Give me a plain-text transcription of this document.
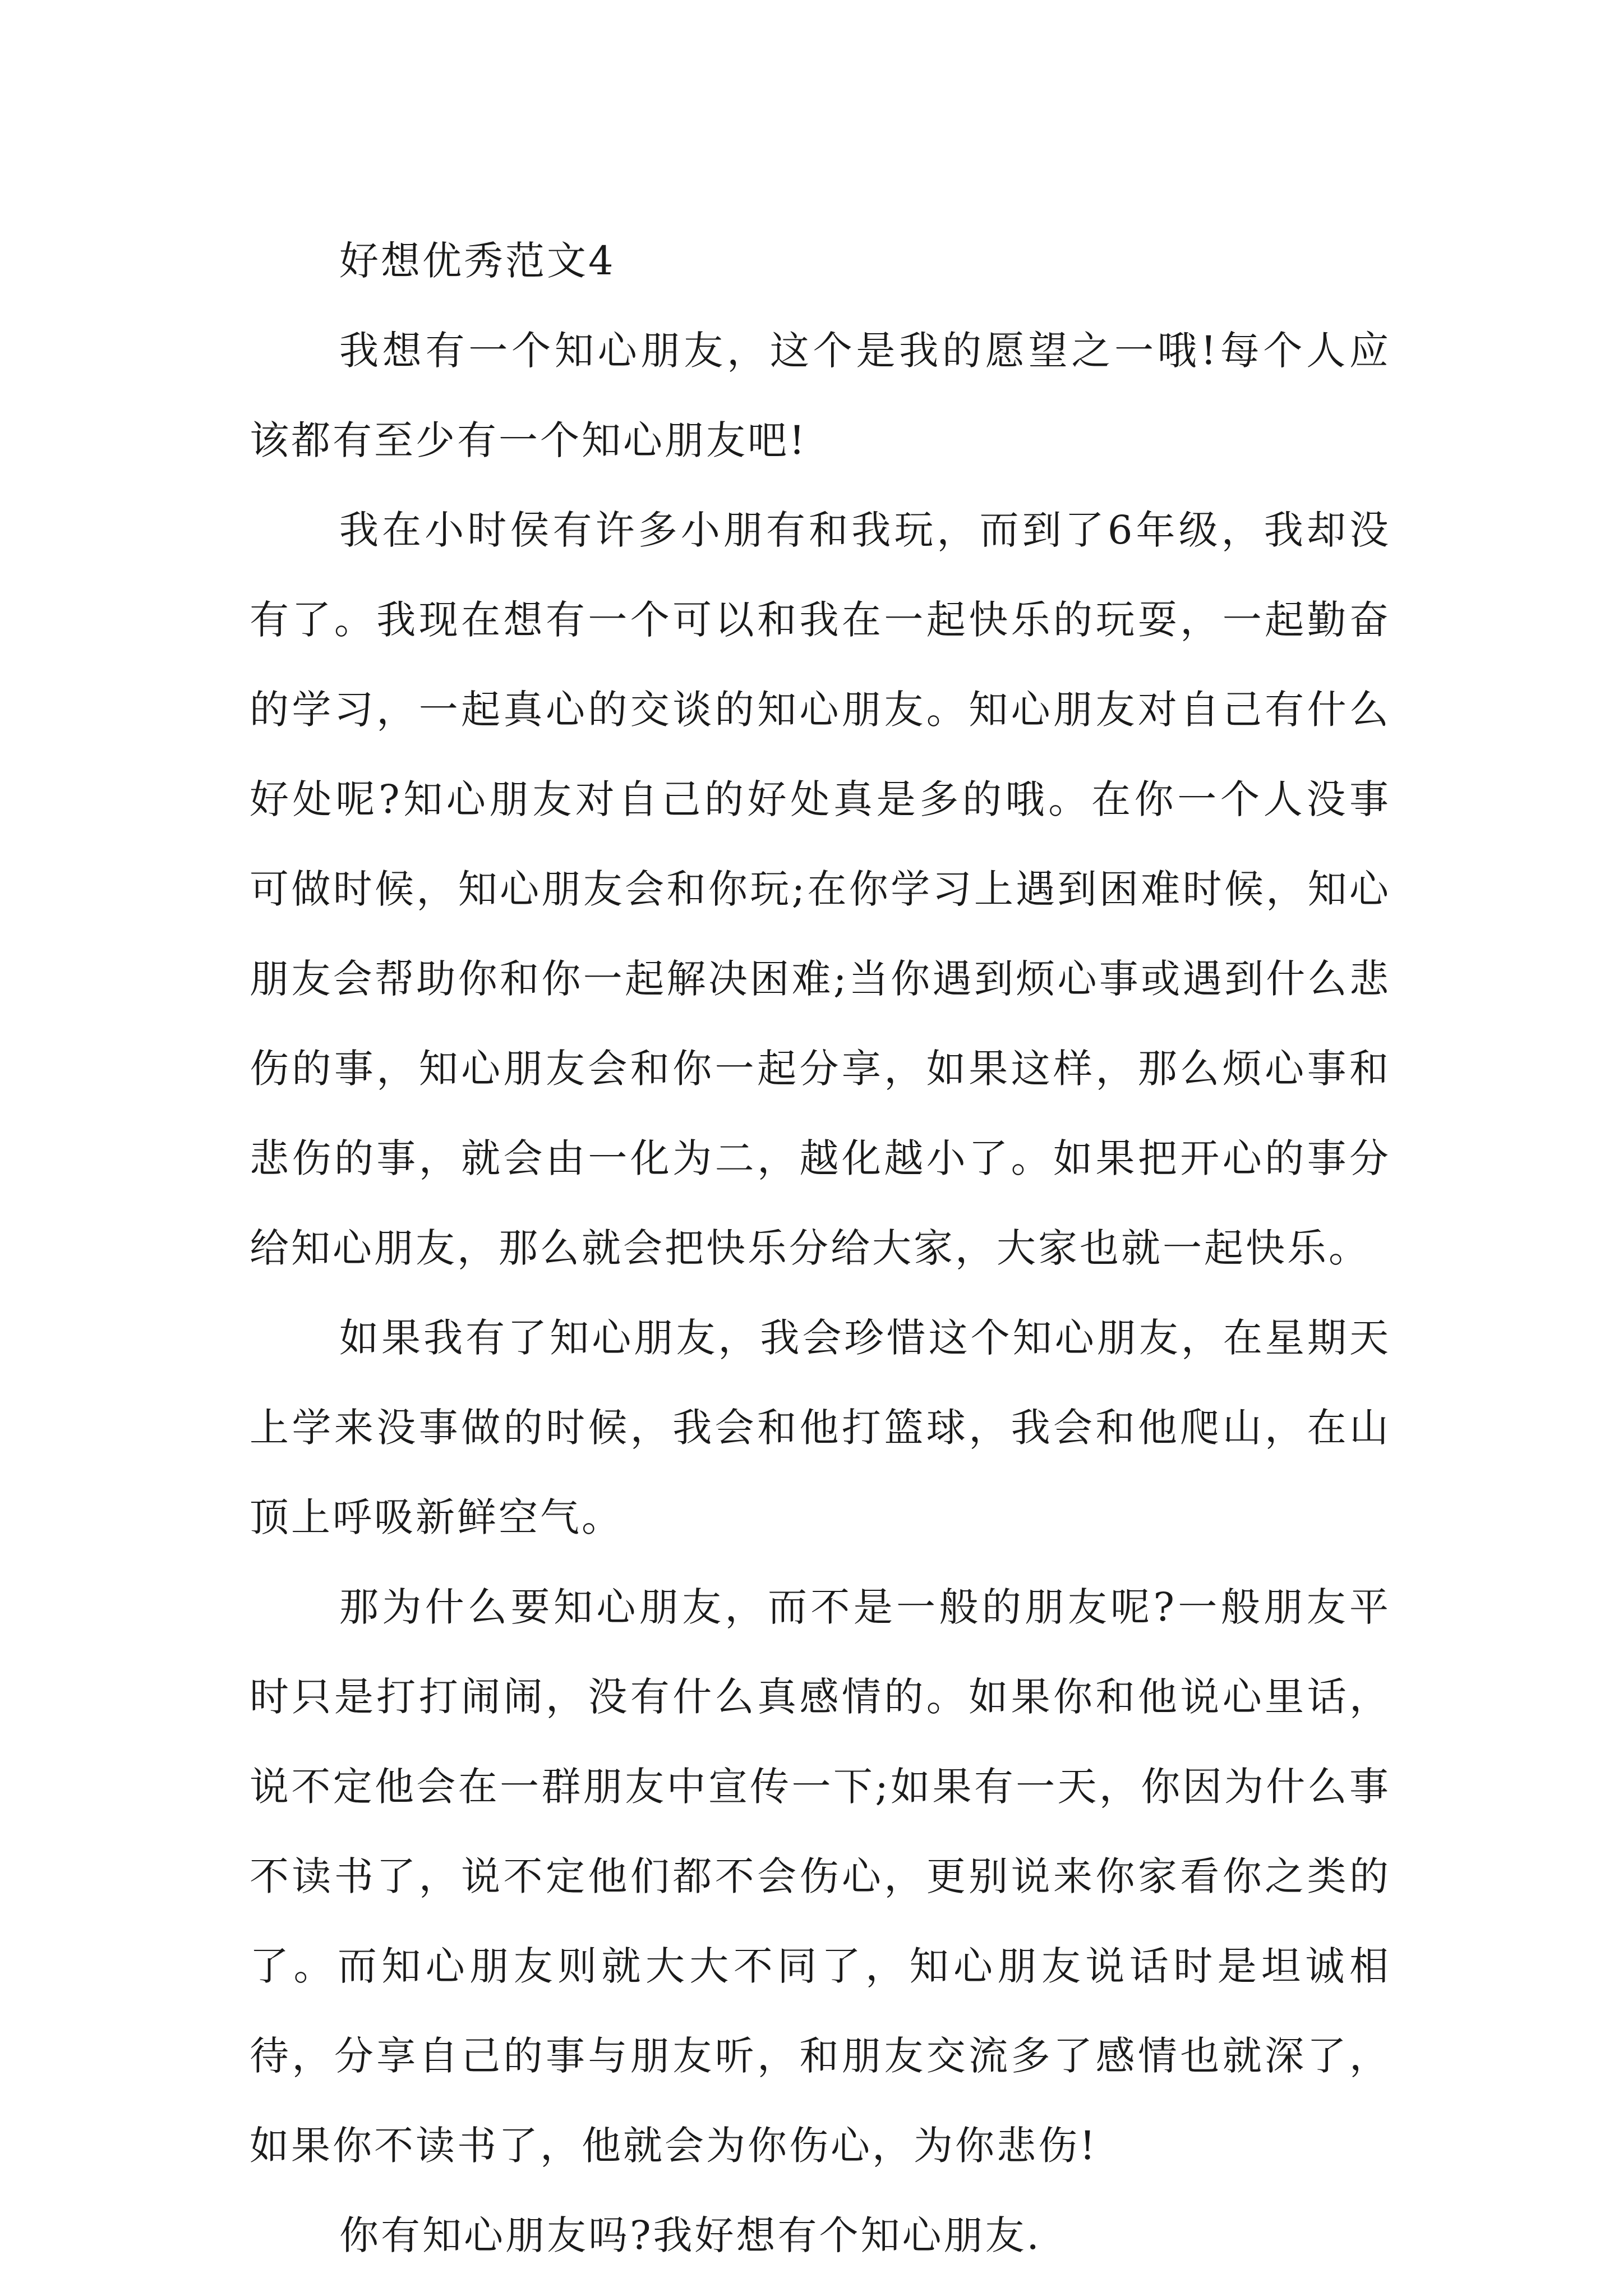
好想优秀范文4

我想有一个知心朋友，这个是我的愿望之一哦!每个人应该都有至少有一个知心朋友吧!

我在小时侯有许多小朋有和我玩，而到了6年级，我却没有了。我现在想有一个可以和我在一起快乐的玩耍，一起勤奋的学习，一起真心的交谈的知心朋友。知心朋友对自己有什么好处呢?知心朋友对自己的好处真是多的哦。在你一个人没事可做时候，知心朋友会和你玩;在你学习上遇到困难时候，知心朋友会帮助你和你一起解决困难;当你遇到烦心事或遇到什么悲伤的事，知心朋友会和你一起分享，如果这样，那么烦心事和悲伤的事，就会由一化为二，越化越小了。如果把开心的事分给知心朋友，那么就会把快乐分给大家，大家也就一起快乐。

如果我有了知心朋友，我会珍惜这个知心朋友，在星期天上学来没事做的时候，我会和他打篮球，我会和他爬山，在山顶上呼吸新鲜空气。

那为什么要知心朋友，而不是一般的朋友呢?一般朋友平时只是打打闹闹，没有什么真感情的。如果你和他说心里话，说不定他会在一群朋友中宣传一下;如果有一天，你因为什么事不读书了，说不定他们都不会伤心，更别说来你家看你之类的了。而知心朋友则就大大不同了，知心朋友说话时是坦诚相待，分享自己的事与朋友听，和朋友交流多了感情也就深了，如果你不读书了，他就会为你伤心，为你悲伤!

你有知心朋友吗?我好想有个知心朋友.
